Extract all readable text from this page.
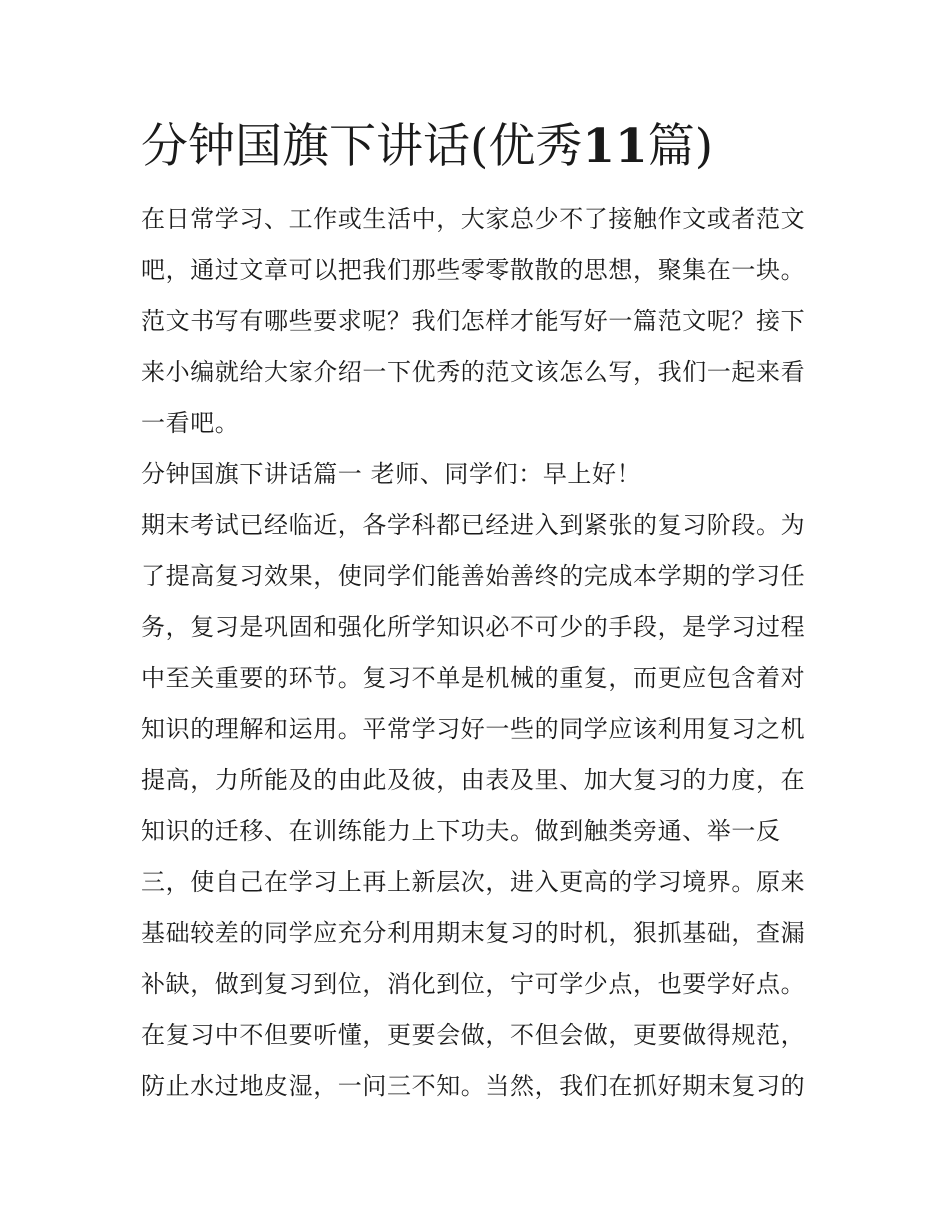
分钟国旗下讲话(优秀11篇)
在日常学习、工作或生活中，大家总少不了接触作文或者范文
吧，通过文章可以把我们那些零零散散的思想，聚集在一块。
范文书写有哪些要求呢？我们怎样才能写好一篇范文呢？接下
来小编就给大家介绍一下优秀的范文该怎么写，我们一起来看
一看吧。
分钟国旗下讲话篇一 老师、同学们：早上好！
期末考试已经临近，各学科都已经进入到紧张的复习阶段。为
了提高复习效果，使同学们能善始善终的完成本学期的学习任
务，复习是巩固和强化所学知识必不可少的手段，是学习过程
中至关重要的环节。复习不单是机械的重复，而更应包含着对
知识的理解和运用。平常学习好一些的同学应该利用复习之机
提高，力所能及的由此及彼，由表及里、加大复习的力度，在
知识的迁移、在训练能力上下功夫。做到触类旁通、举一反
三，使自己在学习上再上新层次，进入更高的学习境界。原来
基础较差的同学应充分利用期末复习的时机，狠抓基础，查漏
补缺，做到复习到位，消化到位，宁可学少点，也要学好点。
在复习中不但要听懂，更要会做，不但会做，更要做得规范，
防止水过地皮湿，一问三不知。当然，我们在抓好期末复习的
